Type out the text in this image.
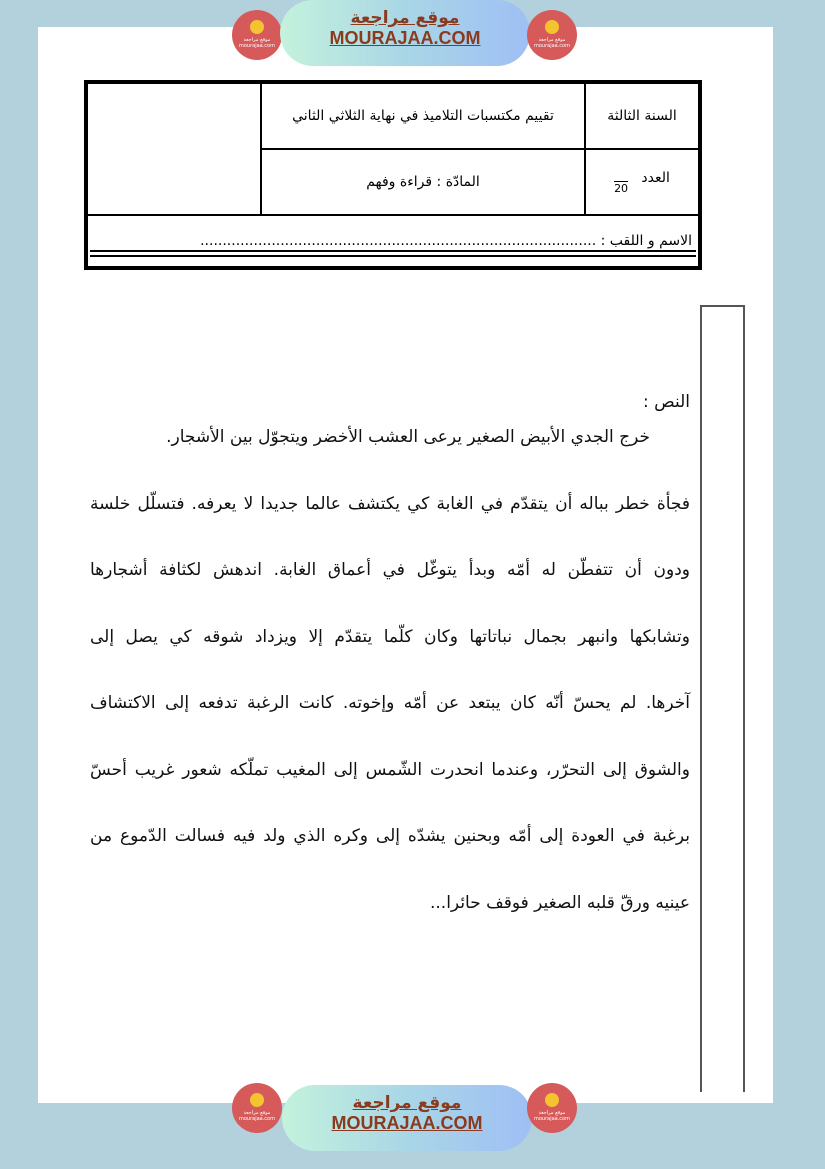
موقع مراجعة
mourajaa.com
موقع مراجعة
MOURAJAA.COM	موقع مراجعة
mourajaa.com
السنة الثالثة	تقييم مكتسبات التلاميذ في نهاية الثلاثي الثاني	
العدد   $_{20}$	المادّة : قراءة وفهم	
الاسم و اللقب : .........................................................................................		
النص :
خرج الجدي الأبيض الصغير يرعى العشب الأخضر ويتجوّل بين الأشجار.
فجأة خطر بباله أن يتقدّم في الغابة كي يكتشف عالما جديدا لا يعرفه. فتسلّل خلسة
ودون أن تتفطّن له أمّه وبدأ يتوغّل في أعماق الغابة. اندهش لكثافة أشجارها
وتشابكها وانبهر بجمال نباتاتها وكان كلّما يتقدّم إلا ويزداد شوقه كي يصل إلى
آخرها. لم يحسّ أنّه كان يبتعد عن أمّه وإخوته. كانت الرغبة تدفعه إلى الاكتشاف
والشوق إلى التحرّر، وعندما انحدرت الشّمس إلى المغيب تملّكه شعور غريب أحسّ
برغبة في العودة إلى أمّه وبحنين يشدّه إلى وكره الذي ولد فيه فسالت الدّموع من
عينيه ورقّ قلبه الصغير فوقف حائرا...
موقع مراجعة
mourajaa.com
موقع مراجعة
MOURAJAA.COM	موقع مراجعة
mourajaa.com
